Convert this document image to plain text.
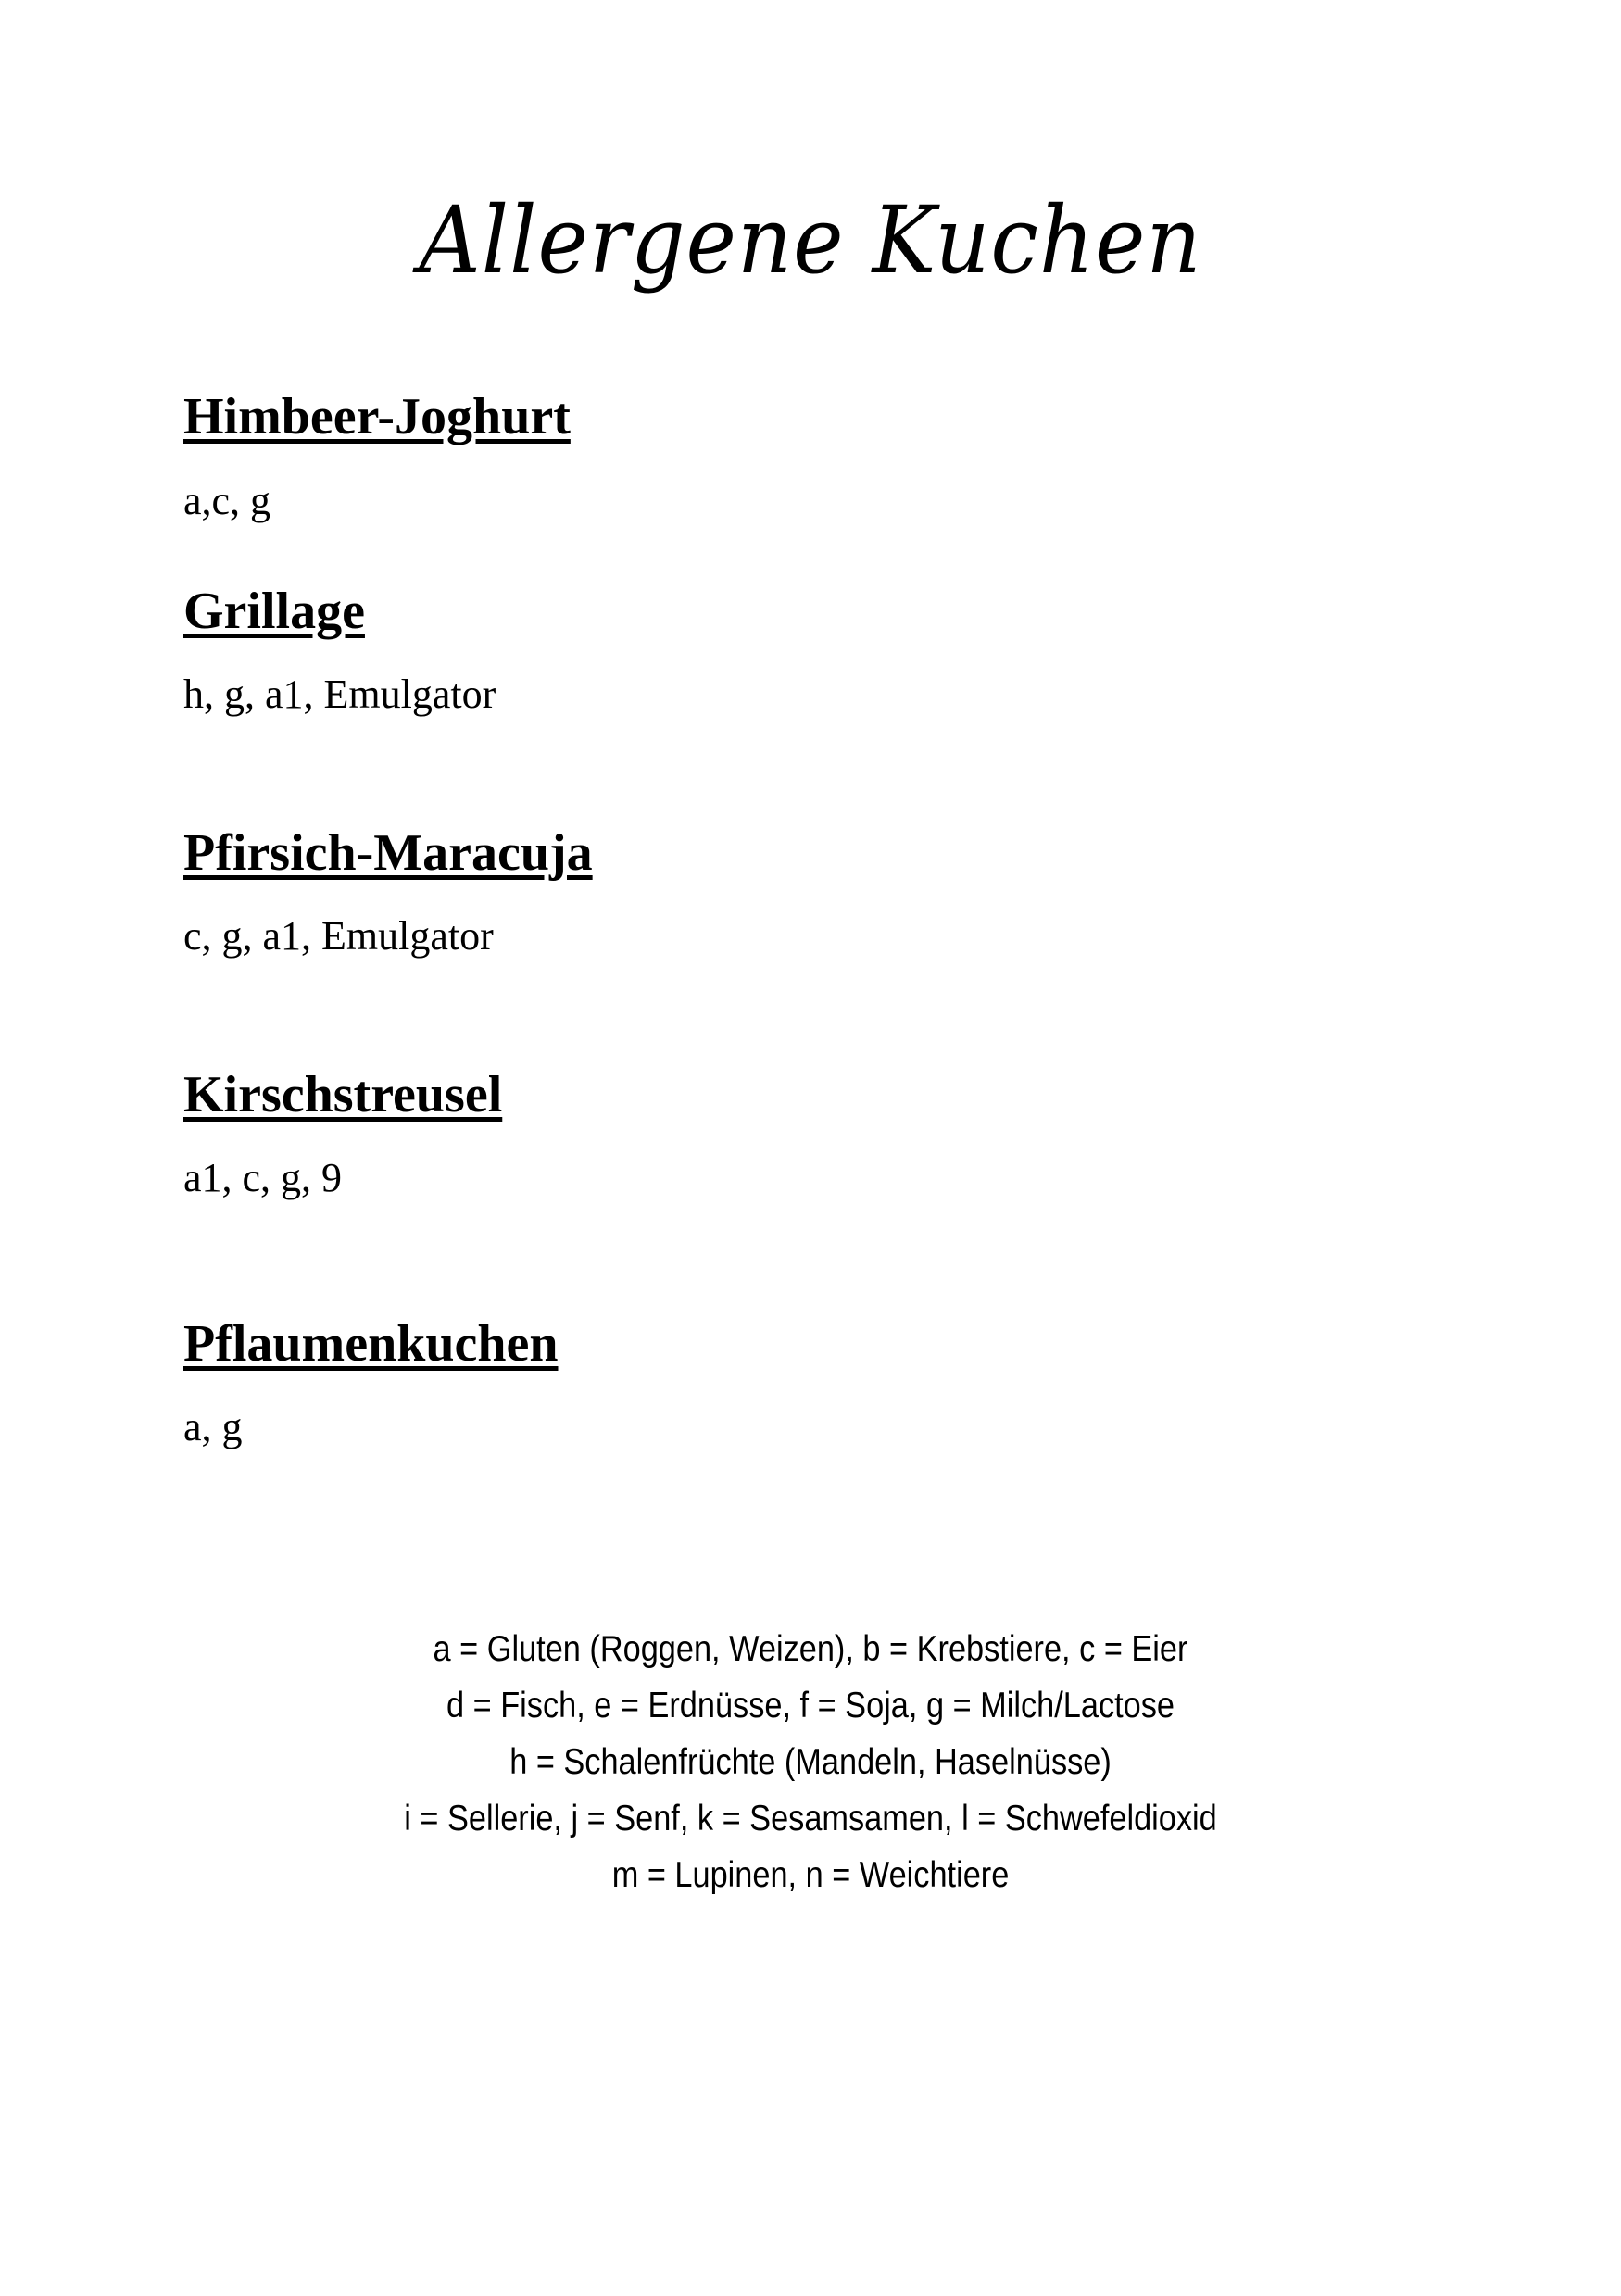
Allergene Kuchen
Himbeer-Joghurt

a,c, g

Grillage

h, g, a1, Emulgator

Pfirsich-Maracuja

c, g, a1, Emulgator

Kirschstreusel

a1, c, g, 9

Pflaumenkuchen

a, g

a = Gluten (Roggen, Weizen), b = Krebstiere, c = Eier
d = Fisch, e = Erdnüsse, f = Soja, g = Milch/Lactose
h = Schalenfrüchte (Mandeln, Haselnüsse)
i = Sellerie, j = Senf, k = Sesamsamen, l = Schwefeldioxid
m = Lupinen, n = Weichtiere
